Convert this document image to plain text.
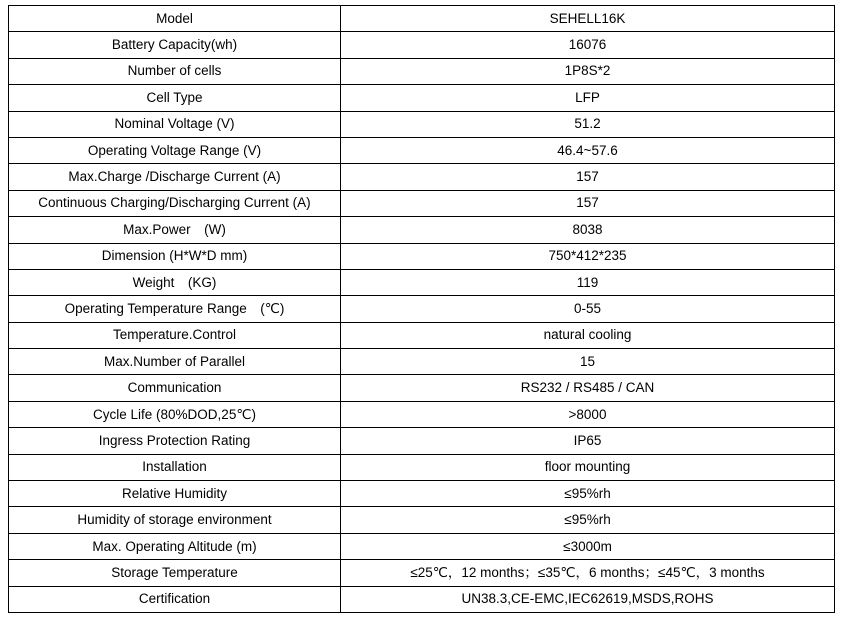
Model	SEHELL16K
Battery Capacity(wh)	16076
Number of cells	1P8S*2
Cell Type	LFP
Nominal Voltage (V)	51.2
Operating Voltage Range (V)	46.4~57.6
Max.Charge /Discharge Current (A)	157
Continuous Charging/Discharging Current (A)	157
Max.Power　(W)	8038
Dimension (H*W*D mm)	750*412*235
Weight　(KG)	119
Operating Temperature Range　(℃)	0-55
Temperature.Control	natural cooling
Max.Number of Parallel	15
Communication	RS232 / RS485 / CAN
Cycle Life (80%DOD,25℃)	>8000
Ingress Protection Rating	IP65
Installation	floor mounting
Relative Humidity	≤95%rh
Humidity of storage environment	≤95%rh
Max. Operating Altitude (m)	≤3000m
Storage Temperature	≤25℃，12 months；≤35℃，6 months；≤45℃，3 months
Certification	UN38.3,CE-EMC,IEC62619,MSDS,ROHS
